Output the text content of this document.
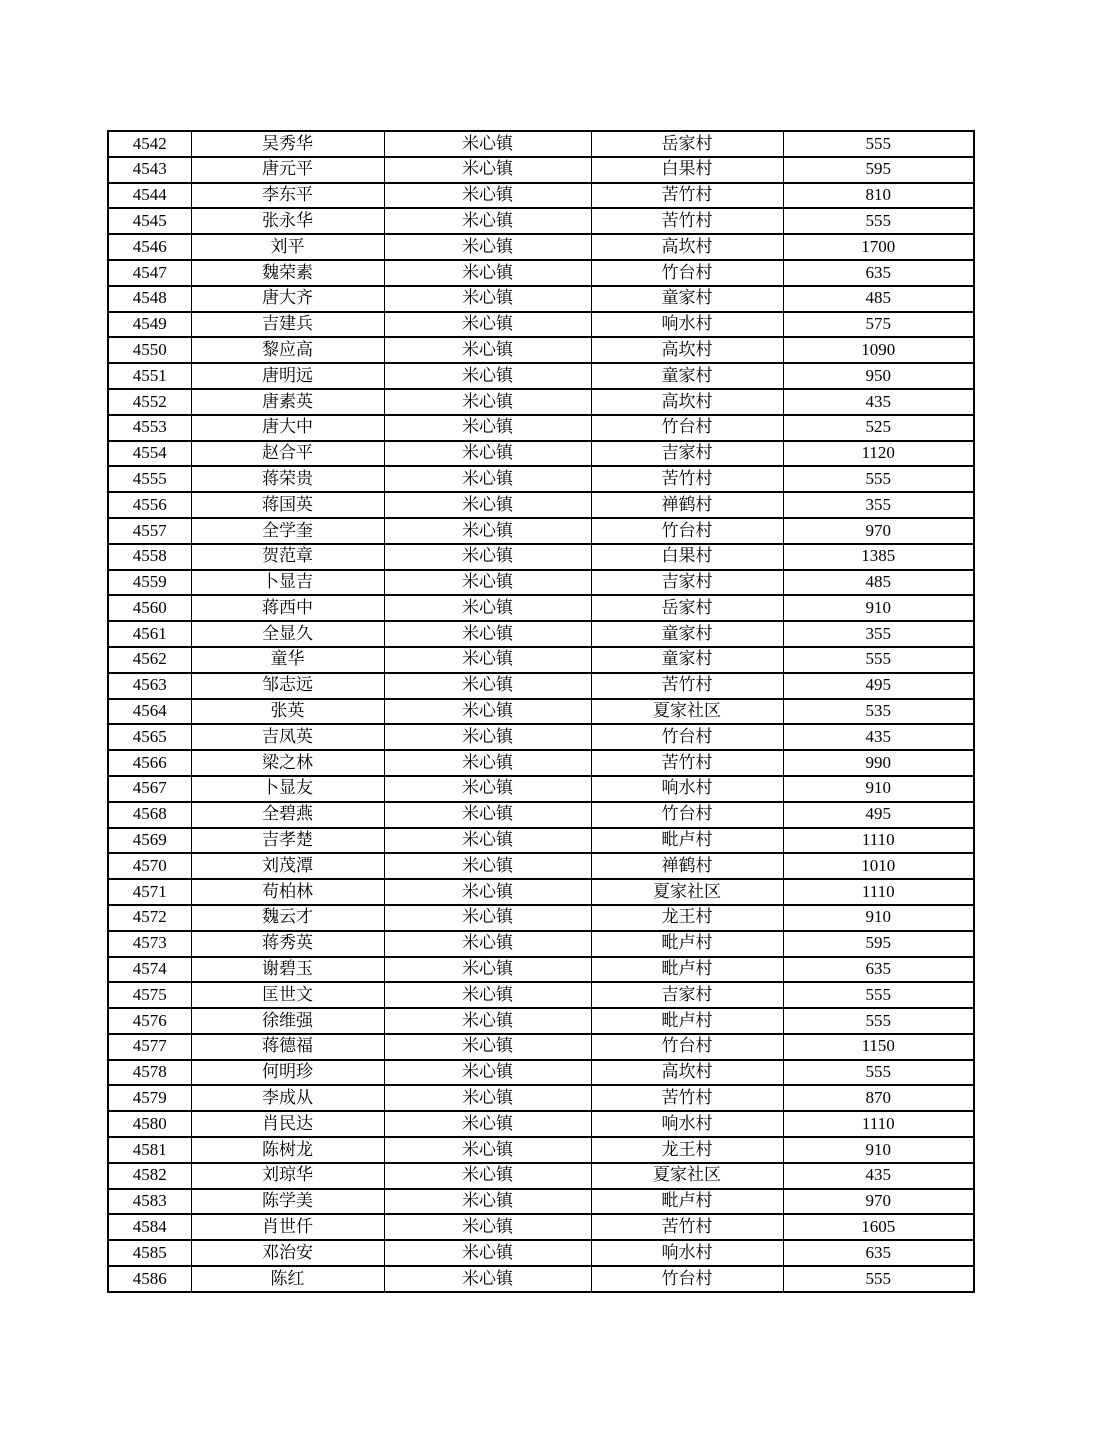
4542	吴秀华	米心镇	岳家村	555
4543	唐元平	米心镇	白果村	595
4544	李东平	米心镇	苦竹村	810
4545	张永华	米心镇	苦竹村	555
4546	刘平	米心镇	高坎村	1700
4547	魏荣素	米心镇	竹台村	635
4548	唐大齐	米心镇	童家村	485
4549	吉建兵	米心镇	响水村	575
4550	黎应高	米心镇	高坎村	1090
4551	唐明远	米心镇	童家村	950
4552	唐素英	米心镇	高坎村	435
4553	唐大中	米心镇	竹台村	525
4554	赵合平	米心镇	吉家村	1120
4555	蒋荣贵	米心镇	苦竹村	555
4556	蒋国英	米心镇	禅鹤村	355
4557	全学奎	米心镇	竹台村	970
4558	贺范章	米心镇	白果村	1385
4559	卜显吉	米心镇	吉家村	485
4560	蒋西中	米心镇	岳家村	910
4561	全显久	米心镇	童家村	355
4562	童华	米心镇	童家村	555
4563	邹志远	米心镇	苦竹村	495
4564	张英	米心镇	夏家社区	535
4565	吉凤英	米心镇	竹台村	435
4566	梁之林	米心镇	苦竹村	990
4567	卜显友	米心镇	响水村	910
4568	全碧燕	米心镇	竹台村	495
4569	吉孝楚	米心镇	毗卢村	1110
4570	刘茂潭	米心镇	禅鹤村	1010
4571	苟柏林	米心镇	夏家社区	1110
4572	魏云才	米心镇	龙王村	910
4573	蒋秀英	米心镇	毗卢村	595
4574	谢碧玉	米心镇	毗卢村	635
4575	匡世文	米心镇	吉家村	555
4576	徐维强	米心镇	毗卢村	555
4577	蒋德福	米心镇	竹台村	1150
4578	何明珍	米心镇	高坎村	555
4579	李成从	米心镇	苦竹村	870
4580	肖民达	米心镇	响水村	1110
4581	陈树龙	米心镇	龙王村	910
4582	刘琼华	米心镇	夏家社区	435
4583	陈学美	米心镇	毗卢村	970
4584	肖世仟	米心镇	苦竹村	1605
4585	邓治安	米心镇	响水村	635
4586	陈红	米心镇	竹台村	555
